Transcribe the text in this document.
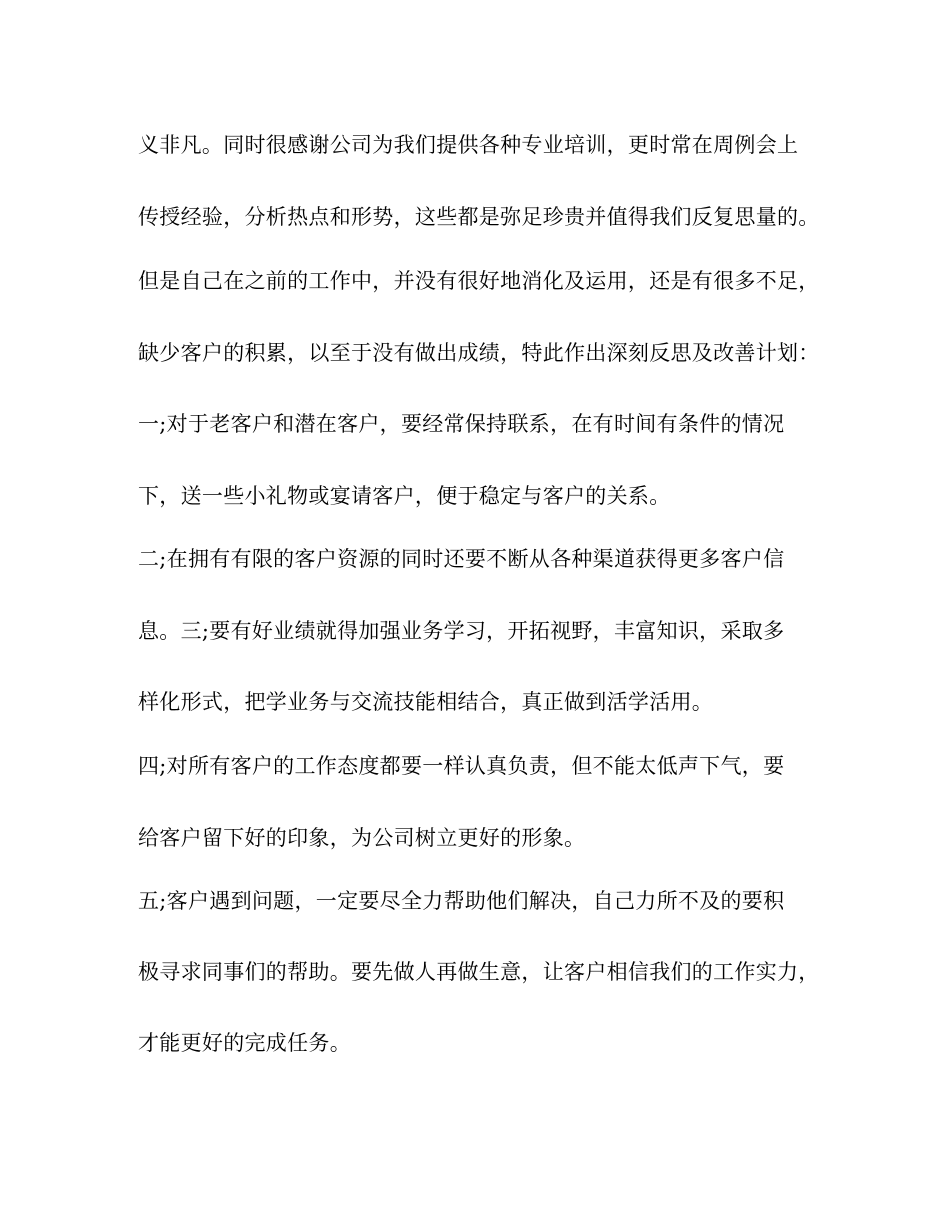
义非凡。同时很感谢公司为我们提供各种专业培训，更时常在周例会上
传授经验，分析热点和形势，这些都是弥足珍贵并值得我们反复思量的。
但是自己在之前的工作中，并没有很好地消化及运用，还是有很多不足，
缺少客户的积累，以至于没有做出成绩，特此作出深刻反思及改善计划：
一;对于老客户和潜在客户，要经常保持联系，在有时间有条件的情况
下，送一些小礼物或宴请客户，便于稳定与客户的关系。
二;在拥有有限的客户资源的同时还要不断从各种渠道获得更多客户信
息。三;要有好业绩就得加强业务学习，开拓视野，丰富知识，采取多
样化形式，把学业务与交流技能相结合，真正做到活学活用。
四;对所有客户的工作态度都要一样认真负责，但不能太低声下气，要
给客户留下好的印象，为公司树立更好的形象。
五;客户遇到问题，一定要尽全力帮助他们解决，自己力所不及的要积
极寻求同事们的帮助。要先做人再做生意，让客户相信我们的工作实力，
才能更好的完成任务。
